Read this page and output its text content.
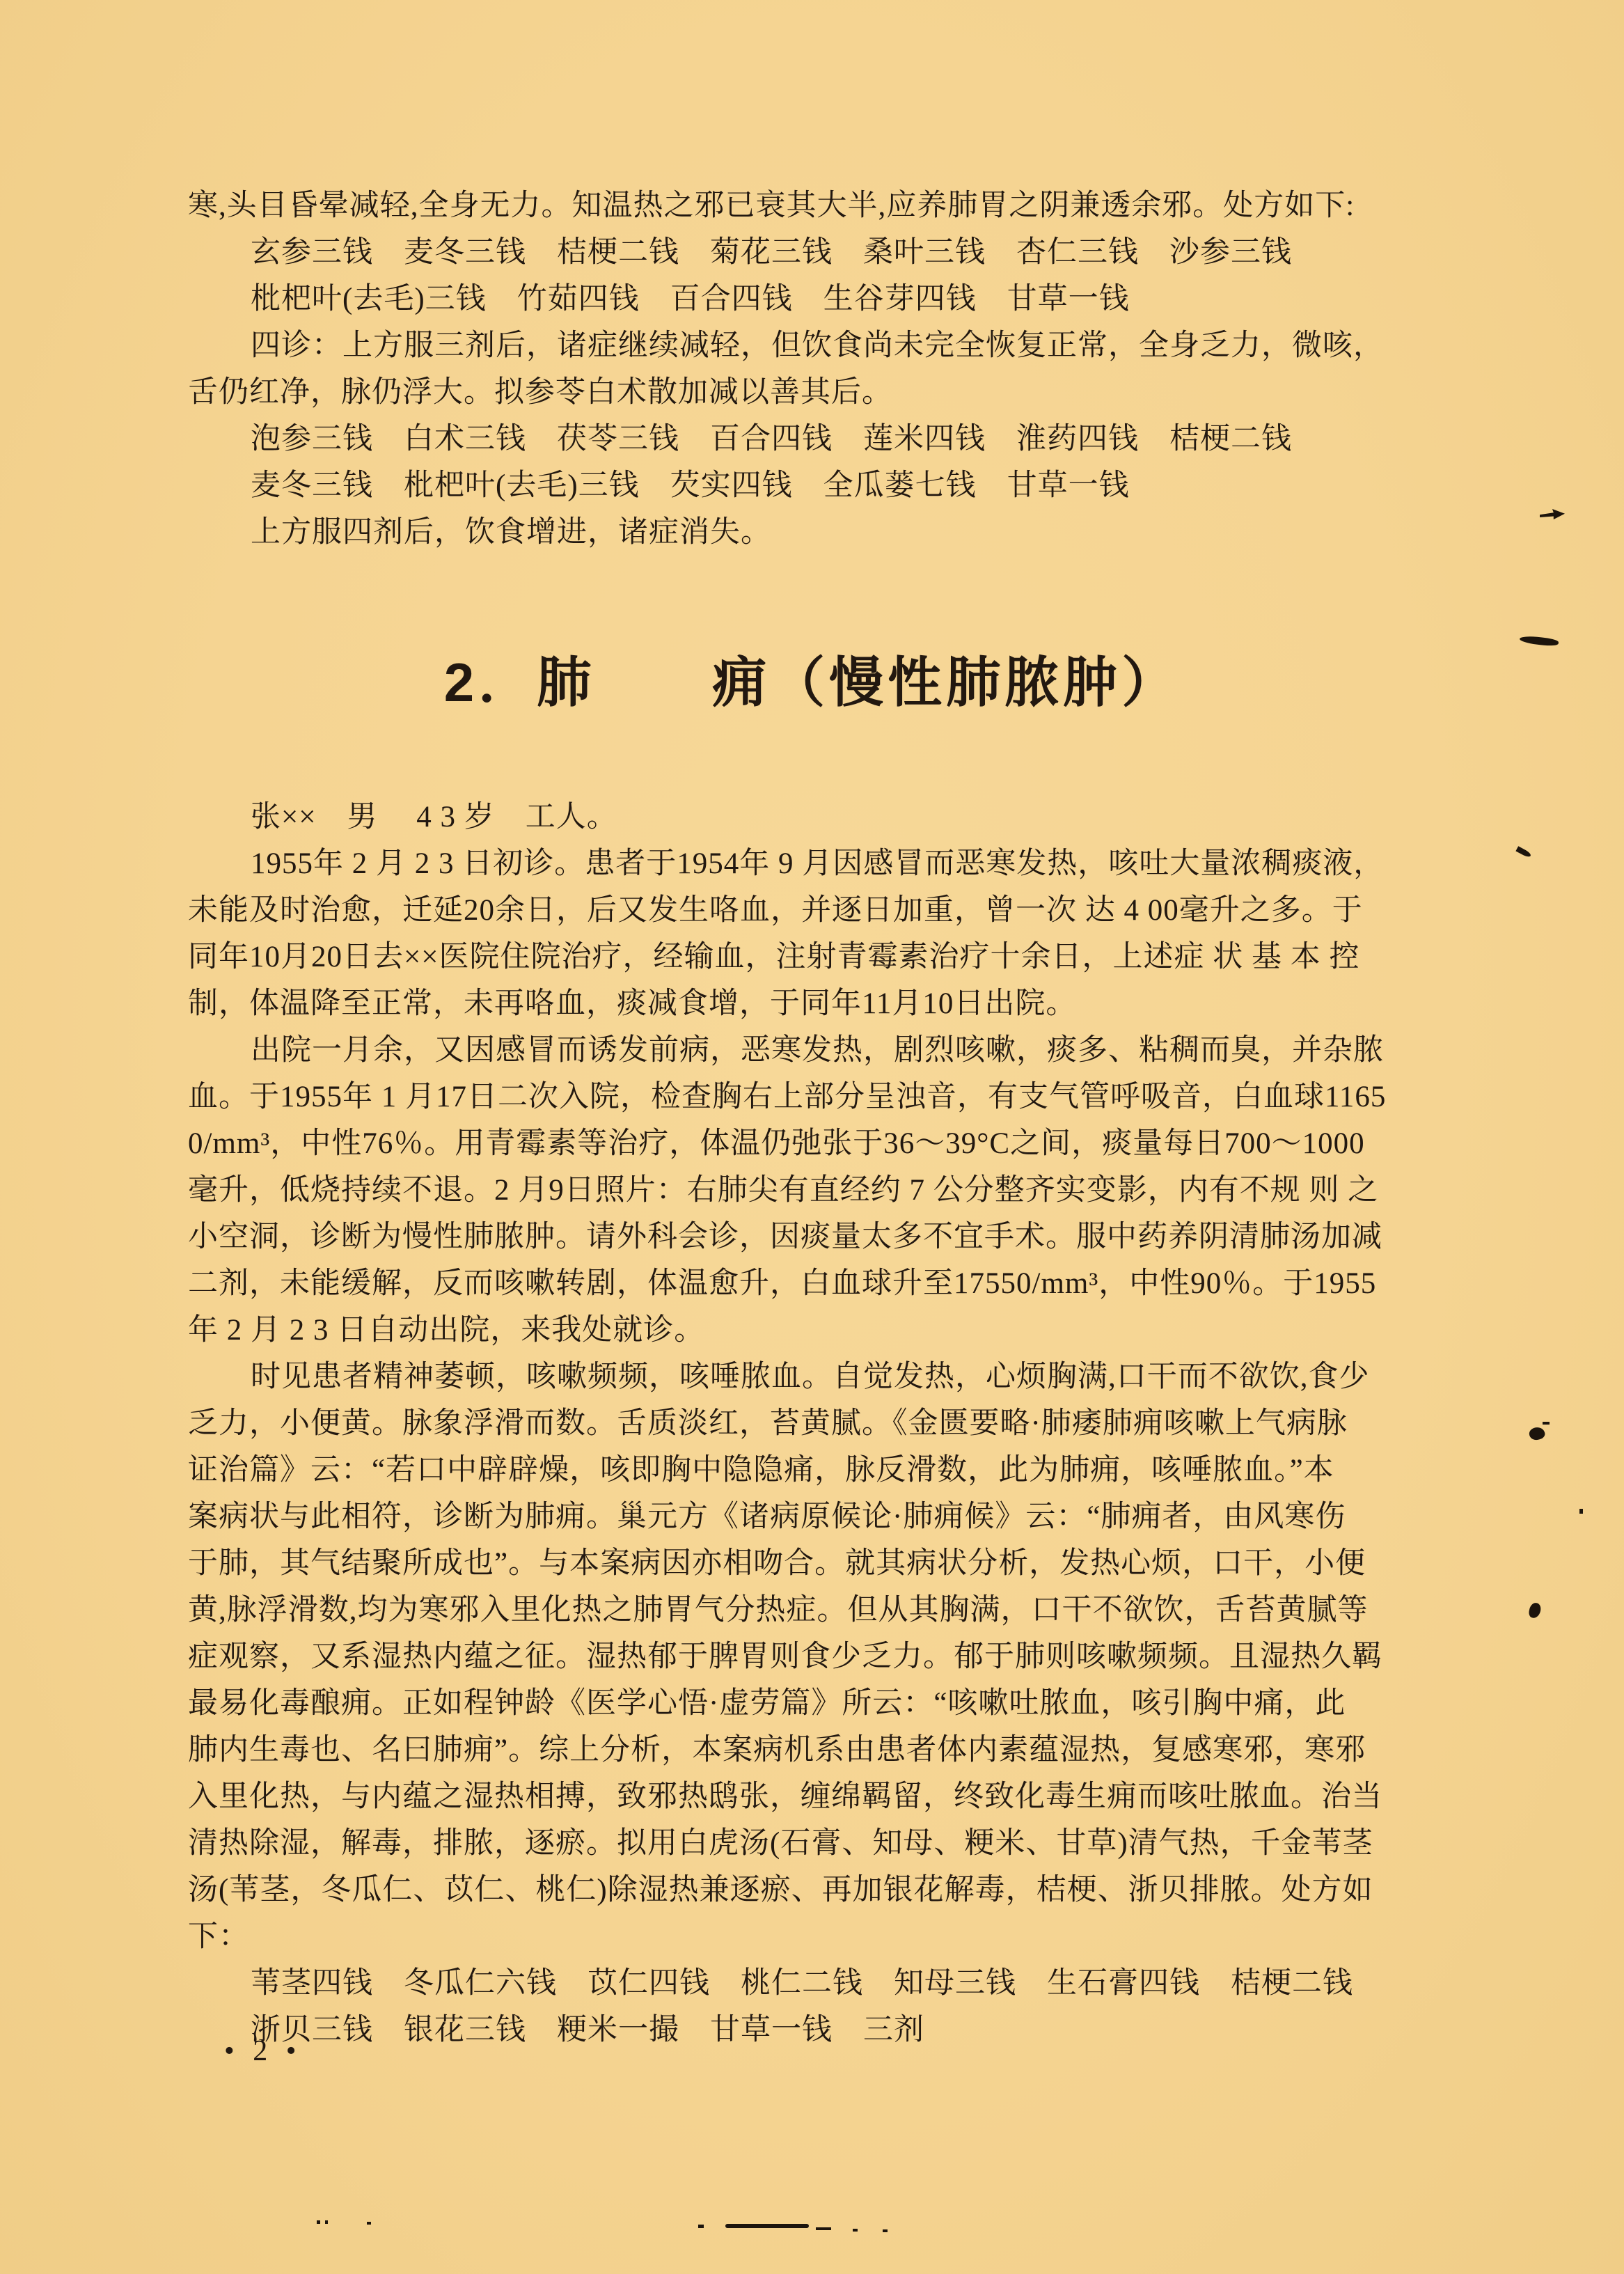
寒,头目昏晕减轻,全身无力。知温热之邪已衰其大半,应养肺胃之阴兼透余邪。处方如下:
玄参三钱　麦冬三钱　桔梗二钱　菊花三钱　桑叶三钱　杏仁三钱　沙参三钱
枇杷叶(去毛)三钱　竹茹四钱　百合四钱　生谷芽四钱　甘草一钱
四诊：上方服三剂后，诸症继续减轻，但饮食尚未完全恢复正常，全身乏力，微咳，
舌仍红净，脉仍浮大。拟参苓白术散加减以善其后。
泡参三钱　白术三钱　茯苓三钱　百合四钱　莲米四钱　淮药四钱　桔梗二钱
麦冬三钱　枇杷叶(去毛)三钱　芡实四钱　全瓜蒌七钱　甘草一钱
上方服四剂后，饮食增进，诸症消失。
2．肺　　痈（慢性肺脓肿）
张××　男　 4 3 岁　工人。
1955年 2 月 2 3 日初诊。患者于1954年 9 月因感冒而恶寒发热，咳吐大量浓稠痰液，
未能及时治愈，迁延20余日，后又发生咯血，并逐日加重，曾一次 达 4 00毫升之多。于
同年10月20日去××医院住院治疗，经输血，注射青霉素治疗十余日，上述症 状 基 本 控
制，体温降至正常，未再咯血，痰减食增，于同年11月10日出院。
出院一月余，又因感冒而诱发前病，恶寒发热，剧烈咳嗽，痰多、粘稠而臭，并杂脓
血。于1955年 1 月17日二次入院，检查胸右上部分呈浊音，有支气管呼吸音，白血球1165
0/mm³，中性76％。用青霉素等治疗，体温仍弛张于36～39°C之间，痰量每日700～1000
毫升，低烧持续不退。2 月9日照片：右肺尖有直经约 7 公分整齐实变影，内有不规 则 之
小空洞，诊断为慢性肺脓肿。请外科会诊，因痰量太多不宜手术。服中药养阴清肺汤加减
二剂，未能缓解，反而咳嗽转剧，体温愈升，白血球升至17550/mm³，中性90％。于1955
年 2 月 2 3 日自动出院，来我处就诊。
时见患者精神萎顿，咳嗽频频，咳唾脓血。自觉发热，心烦胸满,口干而不欲饮,食少
乏力，小便黄。脉象浮滑而数。舌质淡红，苔黄腻。《金匮要略·肺痿肺痈咳嗽上气病脉
证治篇》云：“若口中辟辟燥，咳即胸中隐隐痛，脉反滑数，此为肺痈，咳唾脓血。”本
案病状与此相符，诊断为肺痈。巢元方《诸病原候论·肺痈候》云：“肺痈者，由风寒伤
于肺，其气结聚所成也”。与本案病因亦相吻合。就其病状分析，发热心烦，口干，小便
黄,脉浮滑数,均为寒邪入里化热之肺胃气分热症。但从其胸满，口干不欲饮，舌苔黄腻等
症观察，又系湿热内蕴之征。湿热郁于脾胃则食少乏力。郁于肺则咳嗽频频。且湿热久羁
最易化毒酿痈。正如程钟龄《医学心悟·虚劳篇》所云：“咳嗽吐脓血，咳引胸中痛，此
肺内生毒也、名曰肺痈”。综上分析，本案病机系由患者体内素蕴湿热，复感寒邪，寒邪
入里化热，与内蕴之湿热相搏，致邪热鸱张，缠绵羁留，终致化毒生痈而咳吐脓血。治当
清热除湿，解毒，排脓，逐瘀。拟用白虎汤(石膏、知母、粳米、甘草)清气热，千金苇茎
汤(苇茎，冬瓜仁、苡仁、桃仁)除湿热兼逐瘀、再加银花解毒，桔梗、浙贝排脓。处方如下：
苇茎四钱　冬瓜仁六钱　苡仁四钱　桃仁二钱　知母三钱　生石膏四钱　桔梗二钱
浙贝三钱　银花三钱　粳米一撮　甘草一钱　三剂
• 2 •
